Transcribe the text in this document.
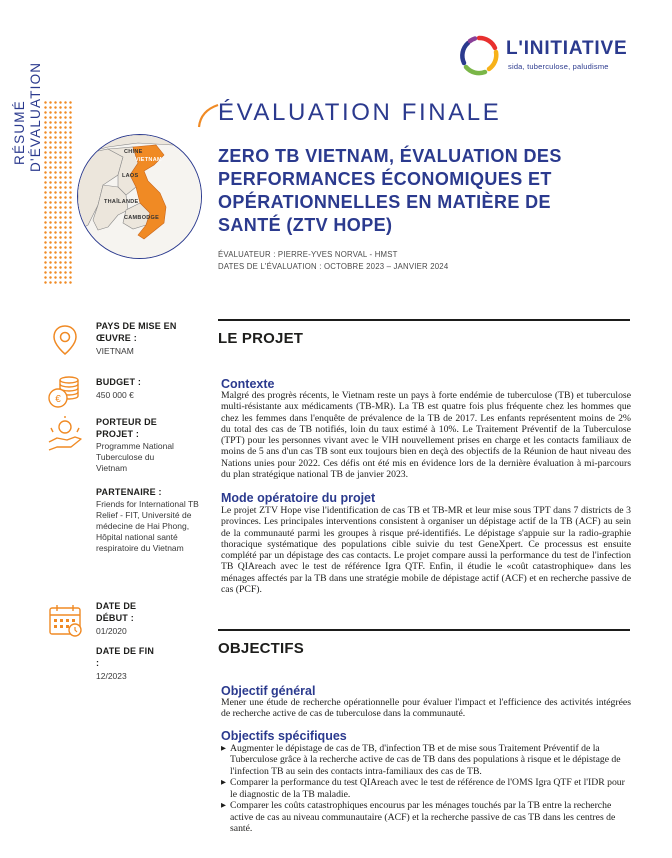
RÉSUMÉ D'ÉVALUATION	CHINE
VIETNAM
LAOS
THAÏLANDE
CAMBODGE
L'INITIATIVE
sida, tuberculose, paludisme
ÉVALUATION FINALE
ZERO TB VIETNAM, ÉVALUATION DES PERFORMANCES ÉCONOMIQUES ET OPÉRATIONNELLES EN MATIÈRE DE SANTÉ (ZTV HOPE)
ÉVALUATEUR : PIERRE-YVES NORVAL - HMST
DATES DE L'ÉVALUATION : OCTOBRE 2023 – JANVIER 2024
PAYS DE MISE EN ŒUVRE :
VIETNAM
€
BUDGET :
450 000 €
PORTEUR DE PROJET :
Programme National Tuberculose du Vietnam
PARTENAIRE :
Friends for International TB Relief - FIT, Université de médecine de Hai Phong, Hôpital national santé respiratoire du Vietnam
DATE DE DÉBUT :
01/2020
DATE DE FIN :
12/2023
LE PROJET
Contexte
Malgré des progrès récents, le Vietnam reste un pays à forte endémie de tuberculose (TB) et tuberculose multi-résistante aux médicaments (TB-MR). La TB est quatre fois plus fréquente chez les hommes que chez les femmes dans l'enquête de prévalence de la TB de 2017. Les enfants représentent moins de 2% du total des cas de TB notifiés, loin du taux estimé à 10%. Le Traitement Préventif de la Tuberculose (TPT) pour les personnes vivant avec le VIH nouvellement prises en charge et les contacts familiaux de moins de 5 ans d'un cas TB sont eux toujours bien en deçà des objectifs de la Réunion de haut niveau des Nations unies pour 2022. Ces défis ont été mis en évidence lors de la dernière évaluation à mi-parcours du plan stratégique national TB de janvier 2023.
Mode opératoire du projet
Le projet ZTV Hope vise l'identification de cas TB et TB-MR et leur mise sous TPT dans 7 districts de 3 provinces. Les principales interventions consistent à organiser un dépistage actif de la TB (ACF) au sein de la communauté parmi les groupes à risque pré-identifiés. Le dépistage s'appuie sur la radio-graphie thoracique systématique des populations cible suivie du test GeneXpert. Ce processus est ensuite complété par un dépistage des cas contacts. Le projet compare aussi la performance du test de l'infection TB QIAreach avec le test de référence Igra QTF. Enfin, il étudie le «coût catastrophique» dans les ménages affectés par la TB dans une stratégie mobile de dépistage actif (ACF) et en recherche passive de cas (PCF).
OBJECTIFS
Objectif général
Mener une étude de recherche opérationnelle pour évaluer l'impact et l'efficience des activités intégrées de recherche active de cas de tuberculose dans la communauté.
Objectifs spécifiques
▶ Augmenter le dépistage de cas de TB, d'infection TB et de mise sous Traitement Préventif de la Tuberculose grâce à la recherche active de cas de TB dans des populations à risque et le dépistage de l'infection TB au sein des contacts intra-familiaux des cas de TB.
▶ Comparer la performance du test QIAreach avec le test de référence de l'OMS Igra QTF et l'IDR pour le diagnostic de la TB maladie.
▶ Comparer les coûts catastrophiques encourus par les ménages touchés par la TB entre la recherche active de cas au niveau communautaire (ACF) et la recherche passive de cas TB dans les centres de santé.
